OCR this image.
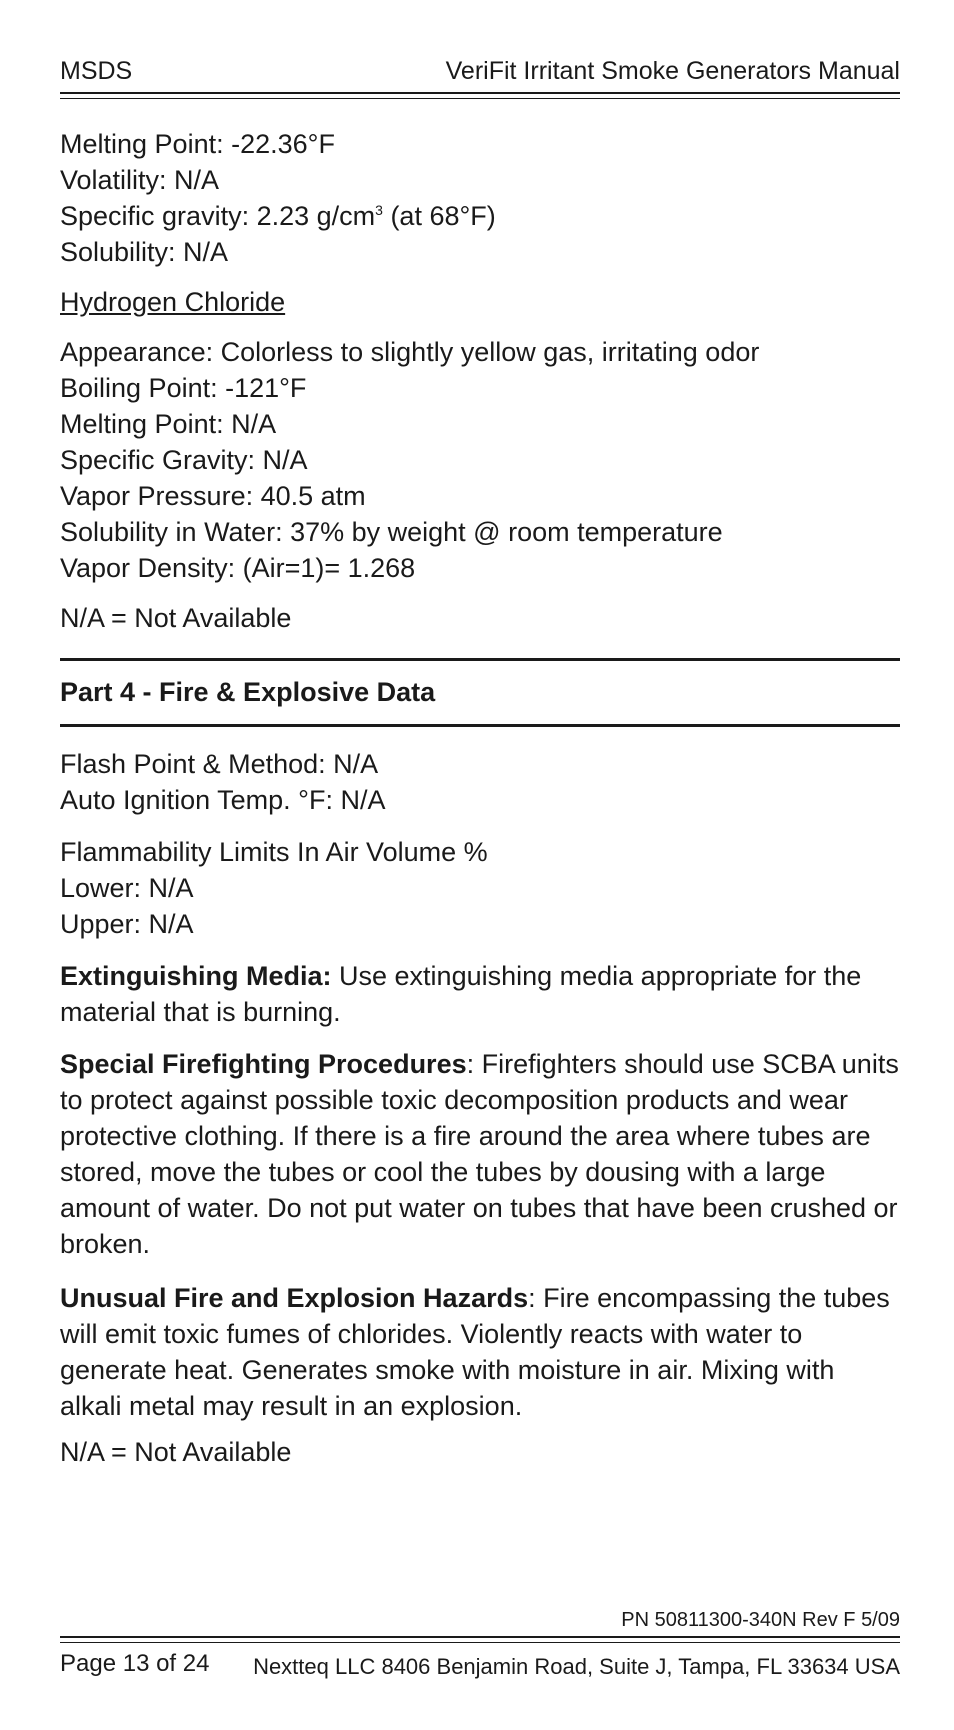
MSDS	VeriFit Irritant Smoke Generators Manual
Melting Point: -22.36°F
Volatility: N/A
Specific gravity: 2.23 $g/cm^3$ (at 68°F)
Solubility: N/A
Hydrogen Chloride
Appearance: Colorless to slightly yellow gas, irritating odor
Boiling Point: -121°F
Melting Point: N/A
Specific Gravity: N/A
Vapor Pressure: 40.5 atm
Solubility in Water: 37% by weight @ room temperature
Vapor Density: (Air=1)= 1.268
N/A = Not Available
Part 4 - Fire & Explosive Data
Flash Point & Method: N/A
Auto Ignition Temp. °F: N/A
Flammability Limits In Air Volume %
Lower: N/A
Upper: N/A
Extinguishing Media: Use extinguishing media appropriate for the material that is burning.
Special Firefighting Procedures: Firefighters should use SCBA units to protect against possible toxic decomposition products and wear protective clothing. If there is a fire around the area where tubes are stored, move the tubes or cool the tubes by dousing with a large amount of water. Do not put water on tubes that have been crushed or broken.
Unusual Fire and Explosion Hazards: Fire encompassing the tubes will emit toxic fumes of chlorides. Violently reacts with water to generate heat. Generates smoke with moisture in air. Mixing with alkali metal may result in an explosion.
N/A = Not Available
PN 50811300-340N Rev F 5/09
Page 13 of 24 Nextteq LLC 8406 Benjamin Road, Suite J, Tampa, FL 33634 USA
